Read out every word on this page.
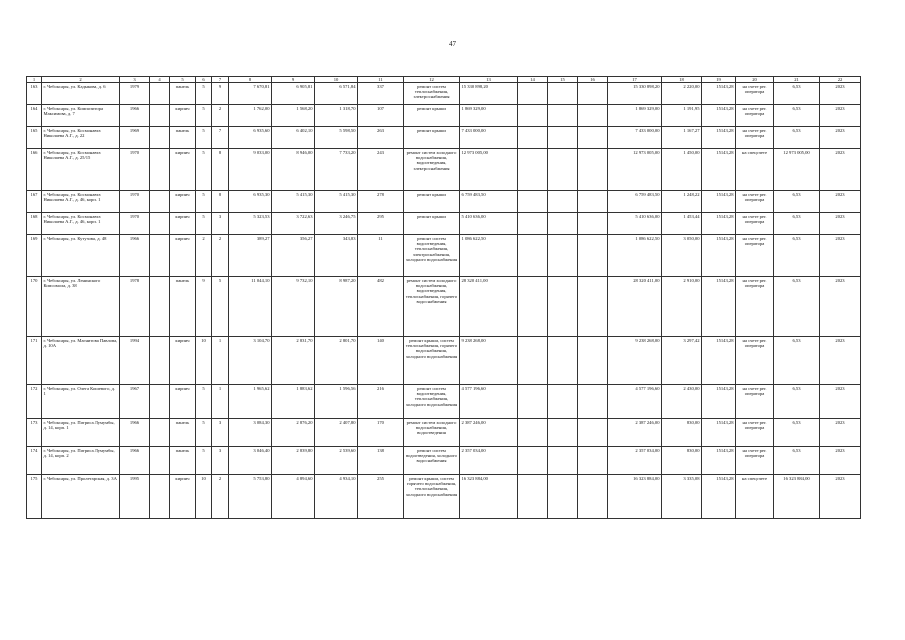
47
1	2	3	4	5	6	7	8	9	10	11	12	13	14	15	16	17	18	19	20	21	22
163	г. Чебоксары, ул. Кадыкова, д. 6	1979		панель	5	9	7 670,81	6 905,81	6 571,84	337	ремонт систем теплоснабжения, электроснабжения	15 330 898,20				15 330 898,20	2 220,00	15143,28	на счете рег. оператора	6,53	2023
164	г. Чебоксары, ул. Композитора Максимова, д. 7	1966		кирпич	5	2	1 762,00	1 568,20	1 318,70	107	ремонт крыши	1 869 329,00				1 869 329,00	1 191,95	15143,28	на счете рег. оператора	6,53	2023
165	г. Чебоксары, ул. Космонавта Николаева А.Г., д. 22	1969		панель	5	7	6 935,60	6 402,10	5 598,50	263	ремонт крыши	7 433 000,00				7 433 000,00	1 167,27	15143,28	на счете рег. оператора	6,53	2023
166	г. Чебоксары, ул. Космонавта Николаева А.Г., д. 25/15	1970		кирпич	5	8	9 033,00	8 946,00	7 733,20	243	ремонт систем холодного водоснабжения, водоотведения, электроснабжения	12 973 005,00				12 973 005,00	1 450,00	15143,28	на спецсчете	12 973 005,00	2023
167	г. Чебоксары, ул. Космонавта Николаева А.Г., д. 46, корп. 1	1970		кирпич	5	8	6 935,30	5 415,30	5 415,30	278	ремонт крыши	6 759 483,50				6 759 483,50	1 248,22	15143,28	на счете рег. оператора	6,53	2023
168	г. Чебоксары, ул. Космонавта Николаева А.Г., д. 46, корп. 1	1970		кирпич	5	3	5 323,53	3 722,63	3 246,75	295	ремонт крыши	5 410 636,00				5 410 636,00	1 453,44	15143,28	на счете рег. оператора	6,53	2023
169	г. Чебоксары, ул. Кутузова, д. 48	1966		кирпич	2	2	389,27	356,27	343,83	11	ремонт систем водоотведения, теплоснабжения, электроснабжения, холодного водоснабжения	1 086 622,50				1 086 622,50	3 050,00	15143,28	на счете рег. оператора	6,53	2023
170	г. Чебоксары, ул. Ленинского Комсомола, д. 38	1978		панель	9	5	11 044,10	9 732,10	8 987,20	482	ремонт систем холодного водоснабжения, водоотведения, теплоснабжения, горячего водоснабжения	28 320 411,00				28 320 411,00	2 910,00	15143,28	на счете рег. оператора	6,53	2023
171	г. Чебоксары, ул. Магнитова Павлова, д. 10А	1994		кирпич	10	1	3 104,70	2 831,70	2 801,70	140	ремонт крыши, систем теплоснабжения, горячего водоснабжения, холодного водоснабжения	9 238 268,00				9 238 268,00	3 297,42	15143,28	на счете рег. оператора	6,53	2023
172	г. Чебоксары, ул. Олега Кошевого, д. 1	1967		кирпич	5	1	1 965,62	1 883,62	1 596,56	216	ремонт систем водоотведения, теплоснабжения, холодного водоснабжения	4 577 196,60				4 577 196,60	2 430,00	15143,28	на счете рег. оператора	6,53	2023
173	г. Чебоксары, ул. Патриса Лумумбы, д. 14, корп. 1	1966		панель	5	3	3 084,30	2 876,20	2 407,80	170	ремонт систем холодного водоснабжения, водоотведения	2 387 246,00				2 387 246,00	830,00	15143,28	на счете рег. оператора	6,53	2023
174	г. Чебоксары, ул. Патриса Лумумбы, д. 14, корп. 2	1966		панель	5	3	3 046,40	2 839,80	2 539,60	138	ремонт систем водоотведения, холодного водоснабжения	2 357 034,00				2 357 034,00	830,00	15143,28	на счете рег. оператора	6,53	2023
175	г. Чебоксары, ул. Пролетарская, д. 3А	1995		кирпич	10	2	5 753,80	4 894,60	4 934,10	255	ремонт крыши, систем горячего водоснабжения, теплоснабжения, холодного водоснабжения	16 323 884,00				16 323 884,00	3 335,08	15143,28	на спецсчете	16 323 884,00	2023
